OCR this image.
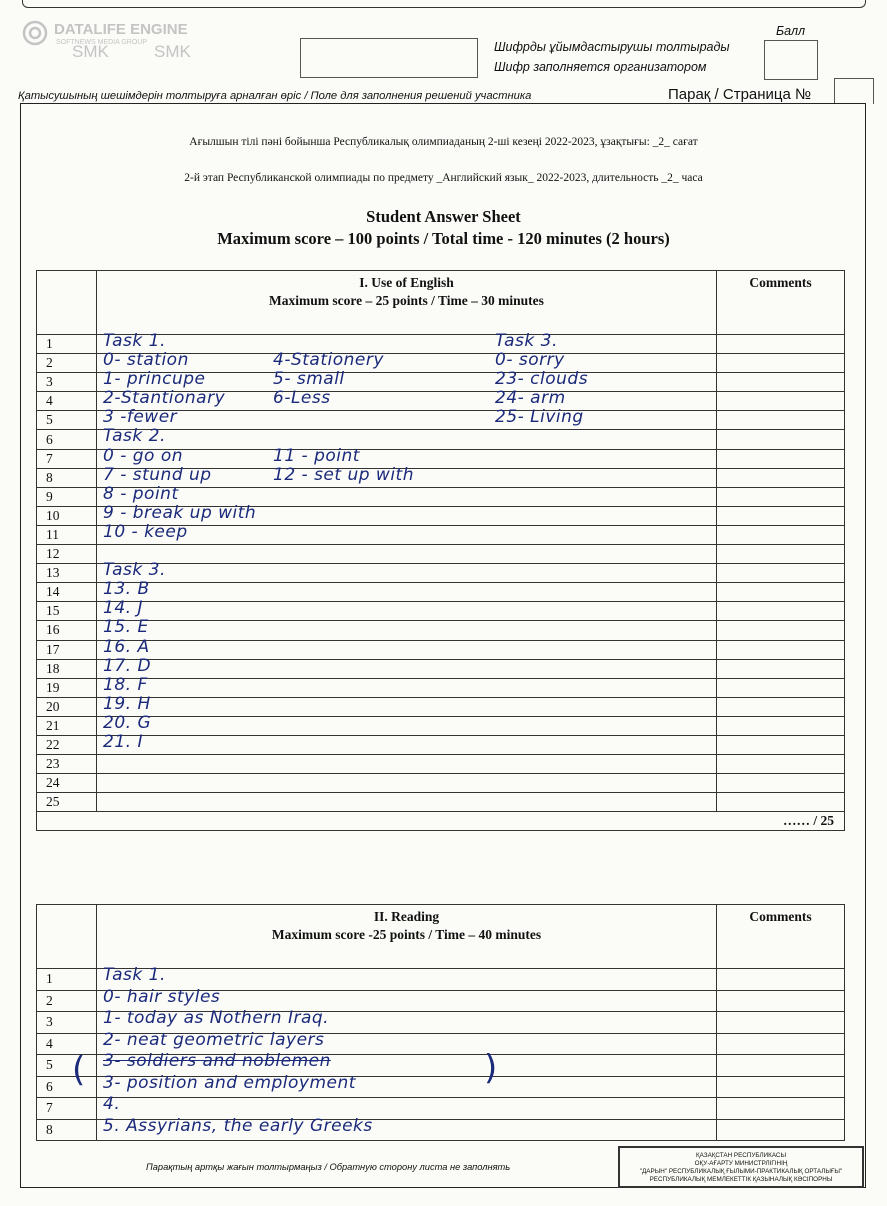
DATALIFE ENGINE
SOFTNEWS MEDIA GROUP
SMK	SMK	Шифрды ұйымдастырушы толтырады
Шифр заполняется организатором
Балл
Қатысушының шешімдерін толтыруға арналған өріс / Поле для заполнения решений участника	Парақ / Страница №
Ағылшын тілі пәні бойынша Республикалық олимпиаданың 2-ші кезеңі 2022-2023, ұзақтығы: _2_ сағат
2-й этап Республиканской олимпиады по предмету _Английский язык_ 2022-2023, длительность _2_ часа
Student Answer Sheet
Maximum score – 100 points / Total time - 120 minutes (2 hours)

	I. Use of English
Maximum score – 25 points / Time – 30 minutes	Comments
1	Task 1. Task 3.	

2	0- station 4-Stationery 0- sorry	

3	1- princupe 5- small 23- clouds	

4	2-Stantionary 6-Less 24- arm	

5	3 -fewer 25- Living	

6	Task 2.	

7	0 - go on 11 - point	

8	7 - stund up 12 - set up with	

9	8 - point	

10	9 - break up with	

11	10 - keep	

12	

13	Task 3.	

14	13. B	

15	14. J	

16	15. E	

17	16. A	

18	17. D	

19	18. F	

20	19. H	

21	20. G	

22	21. I	

23	

24	

25	

		…… / 25

	II. Reading
Maximum score -25 points / Time – 40 minutes	Comments
1	Task 1.	

2	0- hair styles	

3	1- today as Nothern Iraq.	

4	2- neat geometric layers	

5	3- soldiers and noblemen	

6	3- position and employment	

7	4.	

8	5. Assyrians, the early Greeks	

(	)
Парақтың артқы жағын толтырмаңыз / Обратную сторону листа не заполнять
ҚАЗАҚСТАН РЕСПУБЛИКАСЫ
ОҚУ-АҒАРТУ МИНИСТРЛІГІНІҢ
"ДАРЫН" РЕСПУБЛИКАЛЫҚ ҒЫЛЫМИ-ПРАКТИКАЛЫҚ ОРТАЛЫҒЫ"
РЕСПУБЛИКАЛЫҚ МЕМЛЕКЕТТІК ҚАЗЫНАЛЫҚ КӘСІПОРНЫ
